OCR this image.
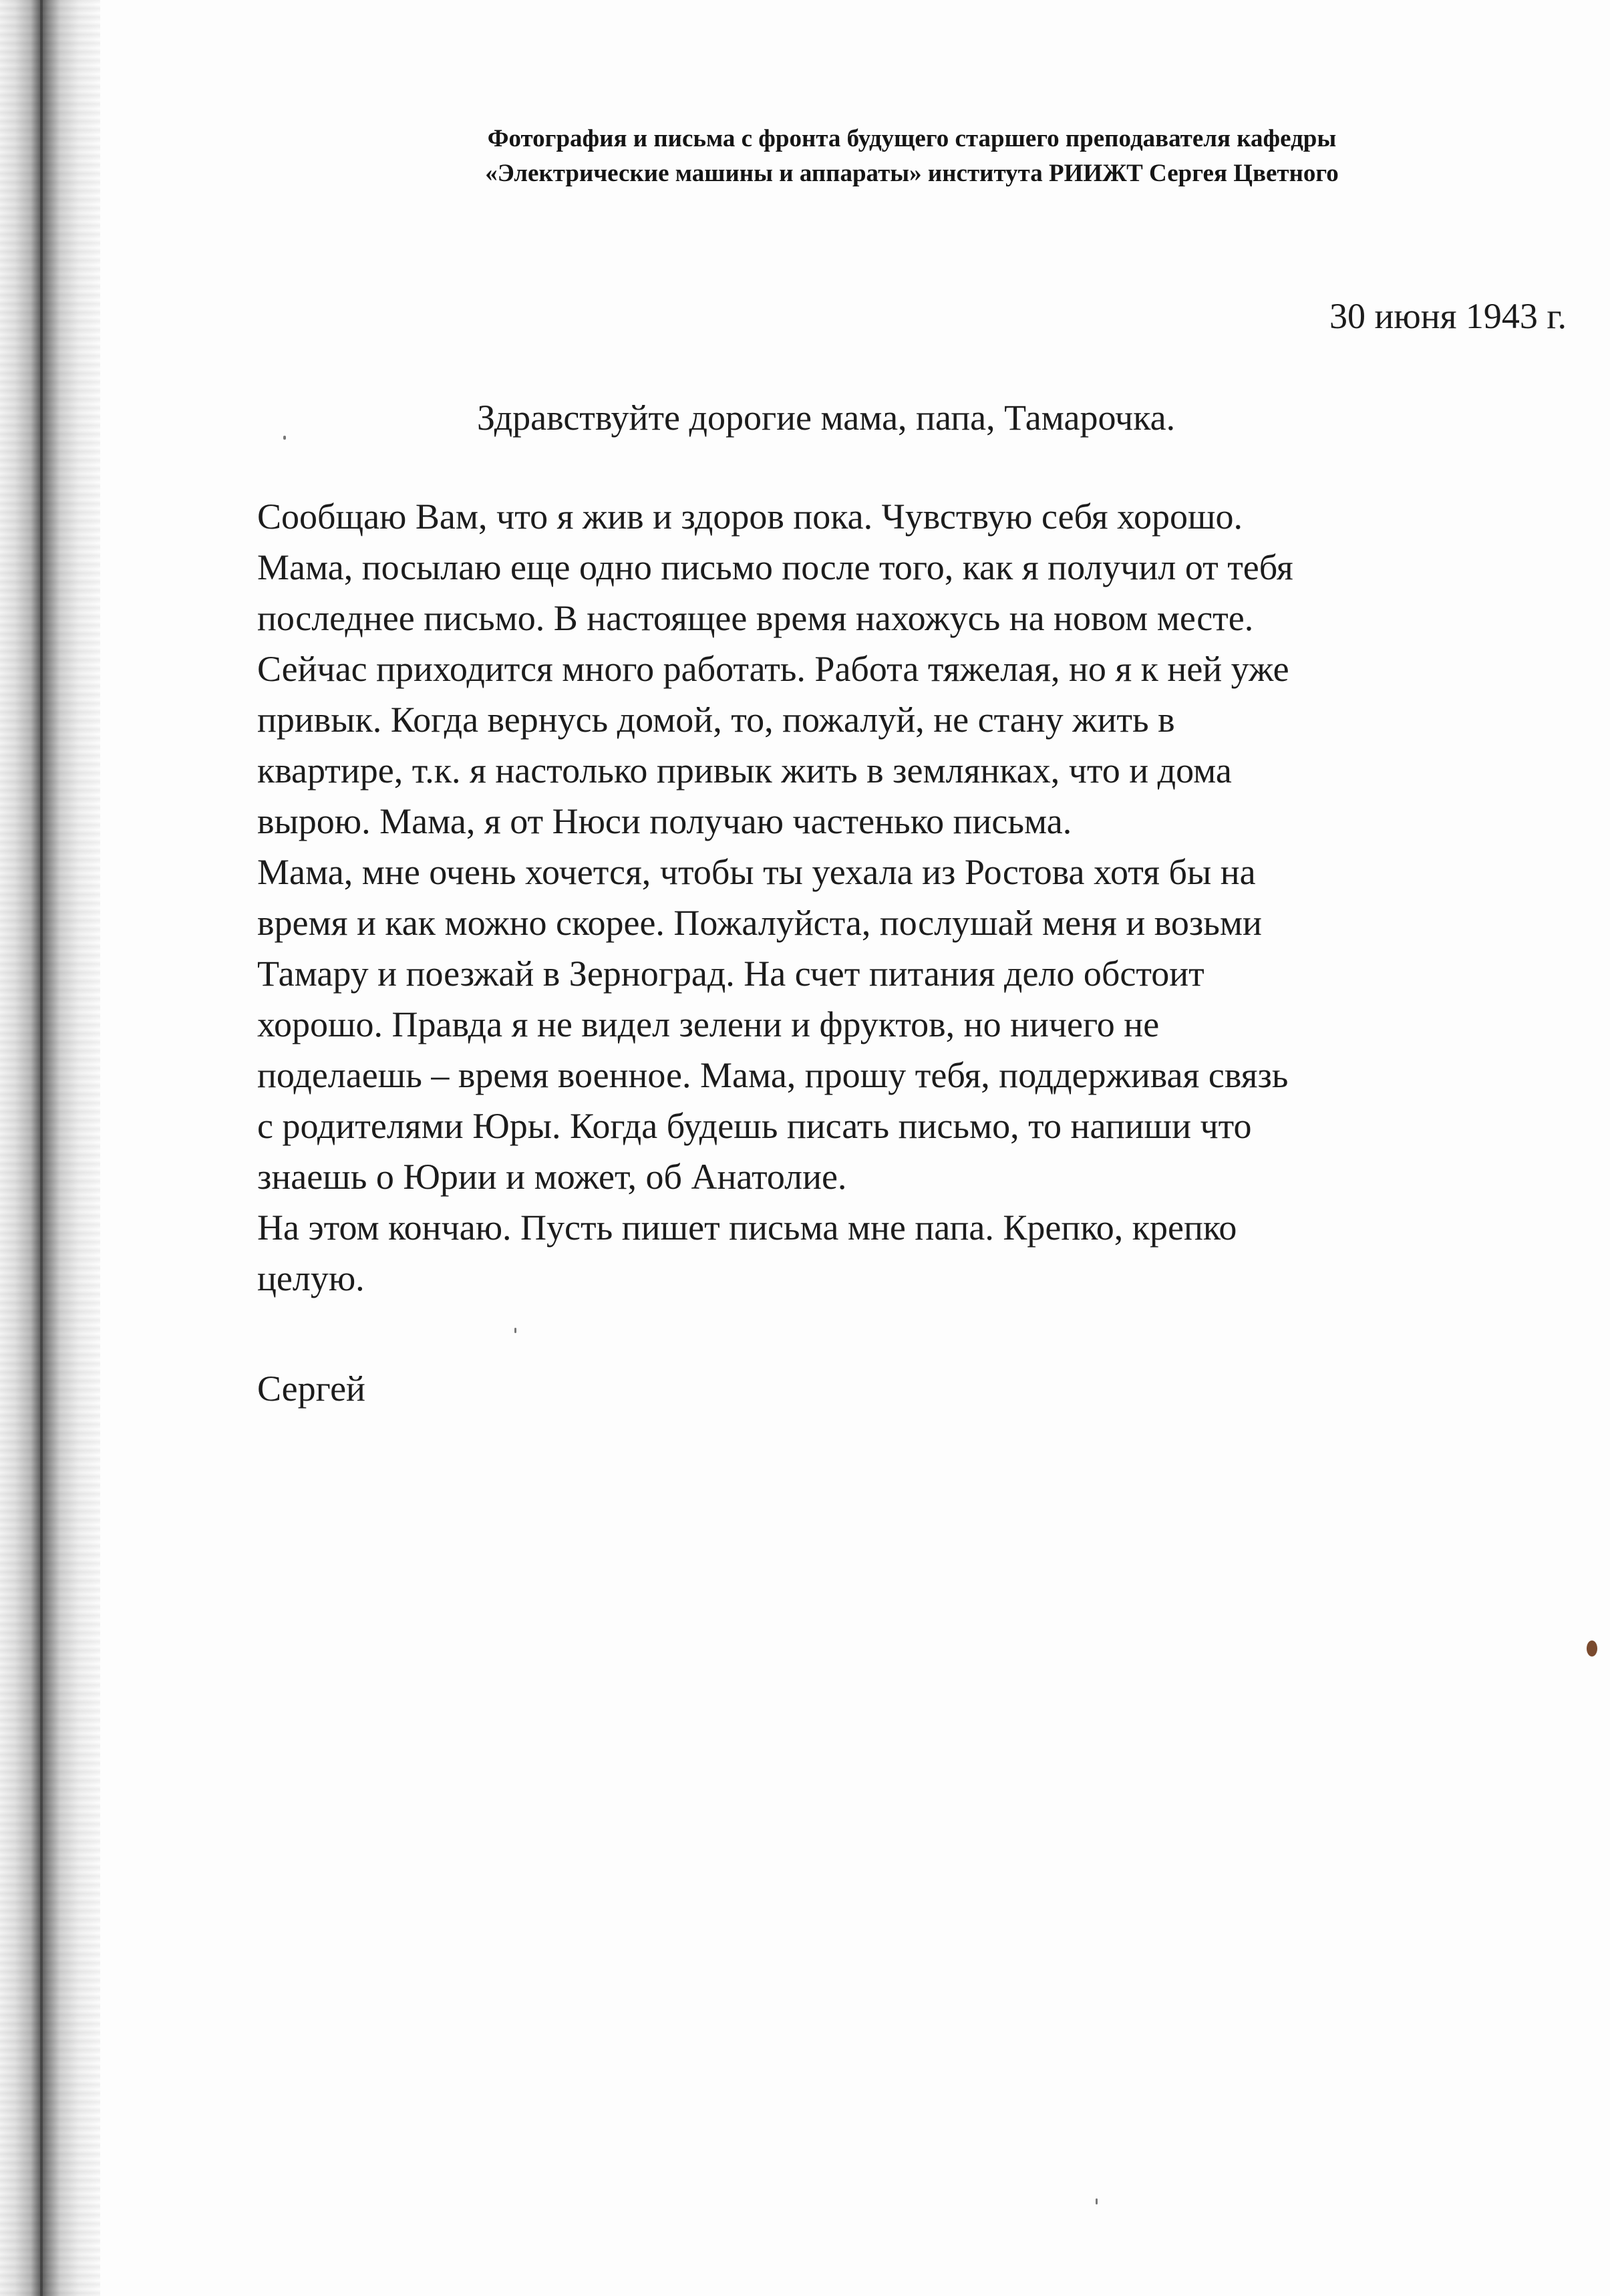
Фотография и письма с фронта будущего старшего преподавателя кафедры
«Электрические машины и аппараты» института РИИЖТ Сергея Цветного
30 июня 1943 г.
Здравствуйте дорогие мама, папа, Тамарочка.
Сообщаю Вам, что я жив и здоров пока. Чувствую себя хорошо.
Мама, посылаю еще одно письмо после того, как я получил от тебя
последнее письмо. В настоящее время нахожусь на новом месте.
Сейчас приходится много работать. Работа тяжелая, но я к ней уже
привык. Когда вернусь домой, то, пожалуй, не стану жить в
квартире, т.к. я настолько привык жить в землянках, что и дома
вырою. Мама, я от Нюси получаю частенько письма.
Мама, мне очень хочется, чтобы ты уехала из Ростова хотя бы на
время и как можно скорее. Пожалуйста, послушай меня и возьми
Тамару и поезжай в Зерноград. На счет питания дело обстоит
хорошо. Правда я не видел зелени и фруктов, но ничего не
поделаешь – время военное. Мама, прошу тебя, поддерживая связь
с родителями Юры. Когда будешь писать письмо, то напиши что
знаешь о Юрии и может, об Анатолие.
На этом кончаю. Пусть пишет письма мне папа. Крепко, крепко
целую.
Сергей
